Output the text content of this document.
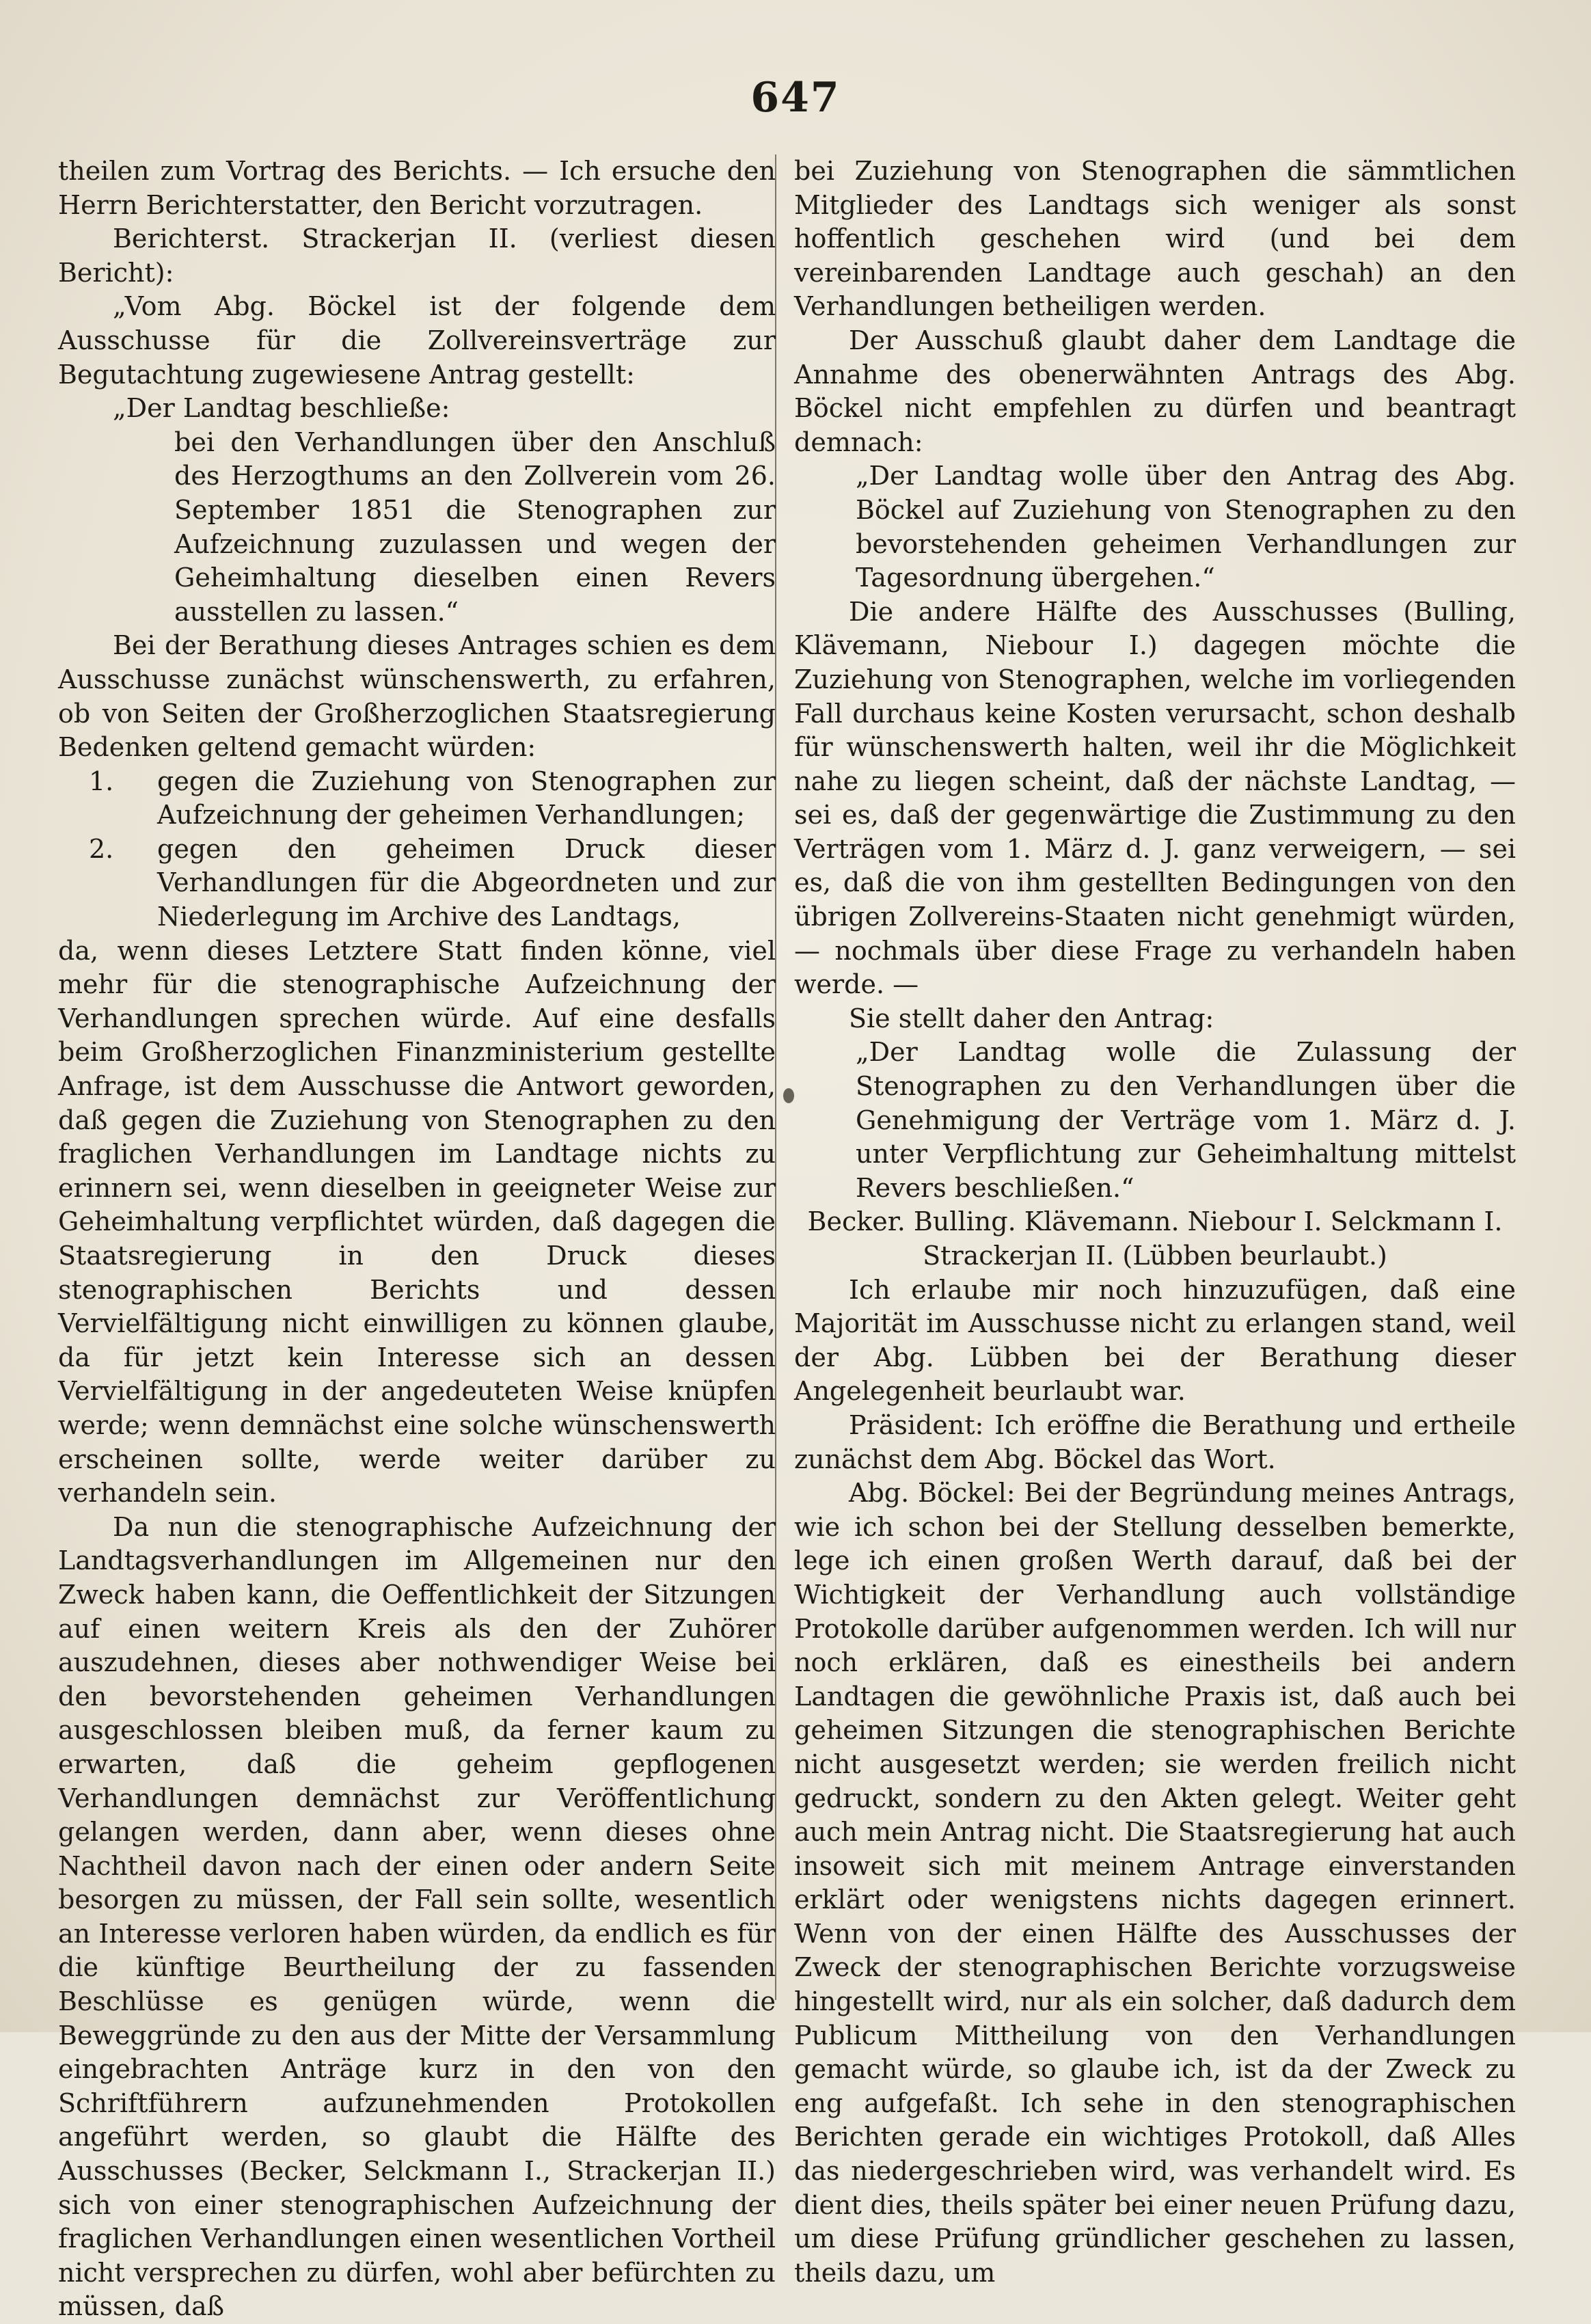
647

theilen zum Vortrag des Berichts. — Ich ersuche den Herrn Berichterstatter, den Bericht vorzutragen.

Berichterst. Strackerjan II. (verliest diesen Bericht):

„Vom Abg. Böckel ist der folgende dem Ausschusse für die Zollvereinsverträge zur Begutachtung zugewiesene Antrag gestellt:

„Der Landtag beschließe:

bei den Verhandlungen über den Anschluß des Herzogthums an den Zollverein vom 26. September 1851 die Stenographen zur Aufzeichnung zuzulassen und wegen der Geheimhaltung dieselben einen Revers ausstellen zu lassen.“

Bei der Berathung dieses Antrages schien es dem Ausschusse zunächst wünschenswerth, zu erfahren, ob von Seiten der Großherzoglichen Staatsregierung Bedenken geltend gemacht würden:

1.	gegen die Zuziehung von Stenographen zur Aufzeichnung der geheimen Verhandlungen;
2.	gegen den geheimen Druck dieser Verhandlungen für die Abgeordneten und zur Niederlegung im Archive des Landtags,

da, wenn dieses Letztere Statt finden könne, viel mehr für die stenographische Aufzeichnung der Verhandlungen sprechen würde. Auf eine desfalls beim Großherzoglichen Finanzministerium gestellte Anfrage, ist dem Ausschusse die Antwort geworden, daß gegen die Zuziehung von Stenographen zu den fraglichen Verhandlungen im Landtage nichts zu erinnern sei, wenn dieselben in geeigneter Weise zur Geheimhaltung verpflichtet würden, daß dagegen die Staatsregierung in den Druck dieses stenographischen Berichts und dessen Vervielfältigung nicht einwilligen zu können glaube, da für jetzt kein Interesse sich an dessen Vervielfältigung in der angedeuteten Weise knüpfen werde; wenn demnächst eine solche wünschenswerth erscheinen sollte, werde weiter darüber zu verhandeln sein.

Da nun die stenographische Aufzeichnung der Landtagsverhandlungen im Allgemeinen nur den Zweck haben kann, die Oeffentlichkeit der Sitzungen auf einen weitern Kreis als den der Zuhörer auszudehnen, dieses aber nothwendiger Weise bei den bevorstehenden geheimen Verhandlungen ausgeschlossen bleiben muß, da ferner kaum zu erwarten, daß die geheim gepflogenen Verhandlungen demnächst zur Veröffentlichung gelangen werden, dann aber, wenn dieses ohne Nachtheil davon nach der einen oder andern Seite besorgen zu müssen, der Fall sein sollte, wesentlich an Interesse verloren haben würden, da endlich es für die künftige Beurtheilung der zu fassenden Beschlüsse es genügen würde, wenn die Beweggründe zu den aus der Mitte der Versammlung eingebrachten Anträge kurz in den von den Schriftführern aufzunehmenden Protokollen angeführt werden, so glaubt die Hälfte des Ausschusses (Becker, Selckmann I., Strackerjan II.) sich von einer stenographischen Aufzeichnung der fraglichen Verhandlungen einen wesentlichen Vortheil nicht versprechen zu dürfen, wohl aber befürchten zu müssen, daß

bei Zuziehung von Stenographen die sämmtlichen Mitglieder des Landtags sich weniger als sonst hoffentlich geschehen wird (und bei dem vereinbarenden Landtage auch geschah) an den Verhandlungen betheiligen werden.

Der Ausschuß glaubt daher dem Landtage die Annahme des obenerwähnten Antrags des Abg. Böckel nicht empfehlen zu dürfen und beantragt demnach:

„Der Landtag wolle über den Antrag des Abg. Böckel auf Zuziehung von Stenographen zu den bevorstehenden geheimen Verhandlungen zur Tagesordnung übergehen.“

Die andere Hälfte des Ausschusses (Bulling, Klävemann, Niebour I.) dagegen möchte die Zuziehung von Stenographen, welche im vorliegenden Fall durchaus keine Kosten verursacht, schon deshalb für wünschenswerth halten, weil ihr die Möglichkeit nahe zu liegen scheint, daß der nächste Landtag, — sei es, daß der gegenwärtige die Zustimmung zu den Verträgen vom 1. März d. J. ganz verweigern, — sei es, daß die von ihm gestellten Bedingungen von den übrigen Zollvereins-Staaten nicht genehmigt würden, — nochmals über diese Frage zu verhandeln haben werde. —

Sie stellt daher den Antrag:

„Der Landtag wolle die Zulassung der Stenographen zu den Verhandlungen über die Genehmigung der Verträge vom 1. März d. J. unter Verpflichtung zur Geheimhaltung mittelst Revers beschließen.“

Becker. Bulling. Klävemann. Niebour I. Selckmann I. Strackerjan II. (Lübben beurlaubt.)

Ich erlaube mir noch hinzuzufügen, daß eine Majorität im Ausschusse nicht zu erlangen stand, weil der Abg. Lübben bei der Berathung dieser Angelegenheit beurlaubt war.

Präsident: Ich eröffne die Berathung und ertheile zunächst dem Abg. Böckel das Wort.

Abg. Böckel: Bei der Begründung meines Antrags, wie ich schon bei der Stellung desselben bemerkte, lege ich einen großen Werth darauf, daß bei der Wichtigkeit der Verhandlung auch vollständige Protokolle darüber aufgenommen werden. Ich will nur noch erklären, daß es einestheils bei andern Landtagen die gewöhnliche Praxis ist, daß auch bei geheimen Sitzungen die stenographischen Berichte nicht ausgesetzt werden; sie werden freilich nicht gedruckt, sondern zu den Akten gelegt. Weiter geht auch mein Antrag nicht. Die Staatsregierung hat auch insoweit sich mit meinem Antrage einverstanden erklärt oder wenigstens nichts dagegen erinnert. Wenn von der einen Hälfte des Ausschusses der Zweck der stenographischen Berichte vorzugsweise hingestellt wird, nur als ein solcher, daß dadurch dem Publicum Mittheilung von den Verhandlungen gemacht würde, so glaube ich, ist da der Zweck zu eng aufgefaßt. Ich sehe in den stenographischen Berichten gerade ein wichtiges Protokoll, daß Alles das niedergeschrieben wird, was verhandelt wird. Es dient dies, theils später bei einer neuen Prüfung dazu, um diese Prüfung gründlicher geschehen zu lassen, theils dazu, um
